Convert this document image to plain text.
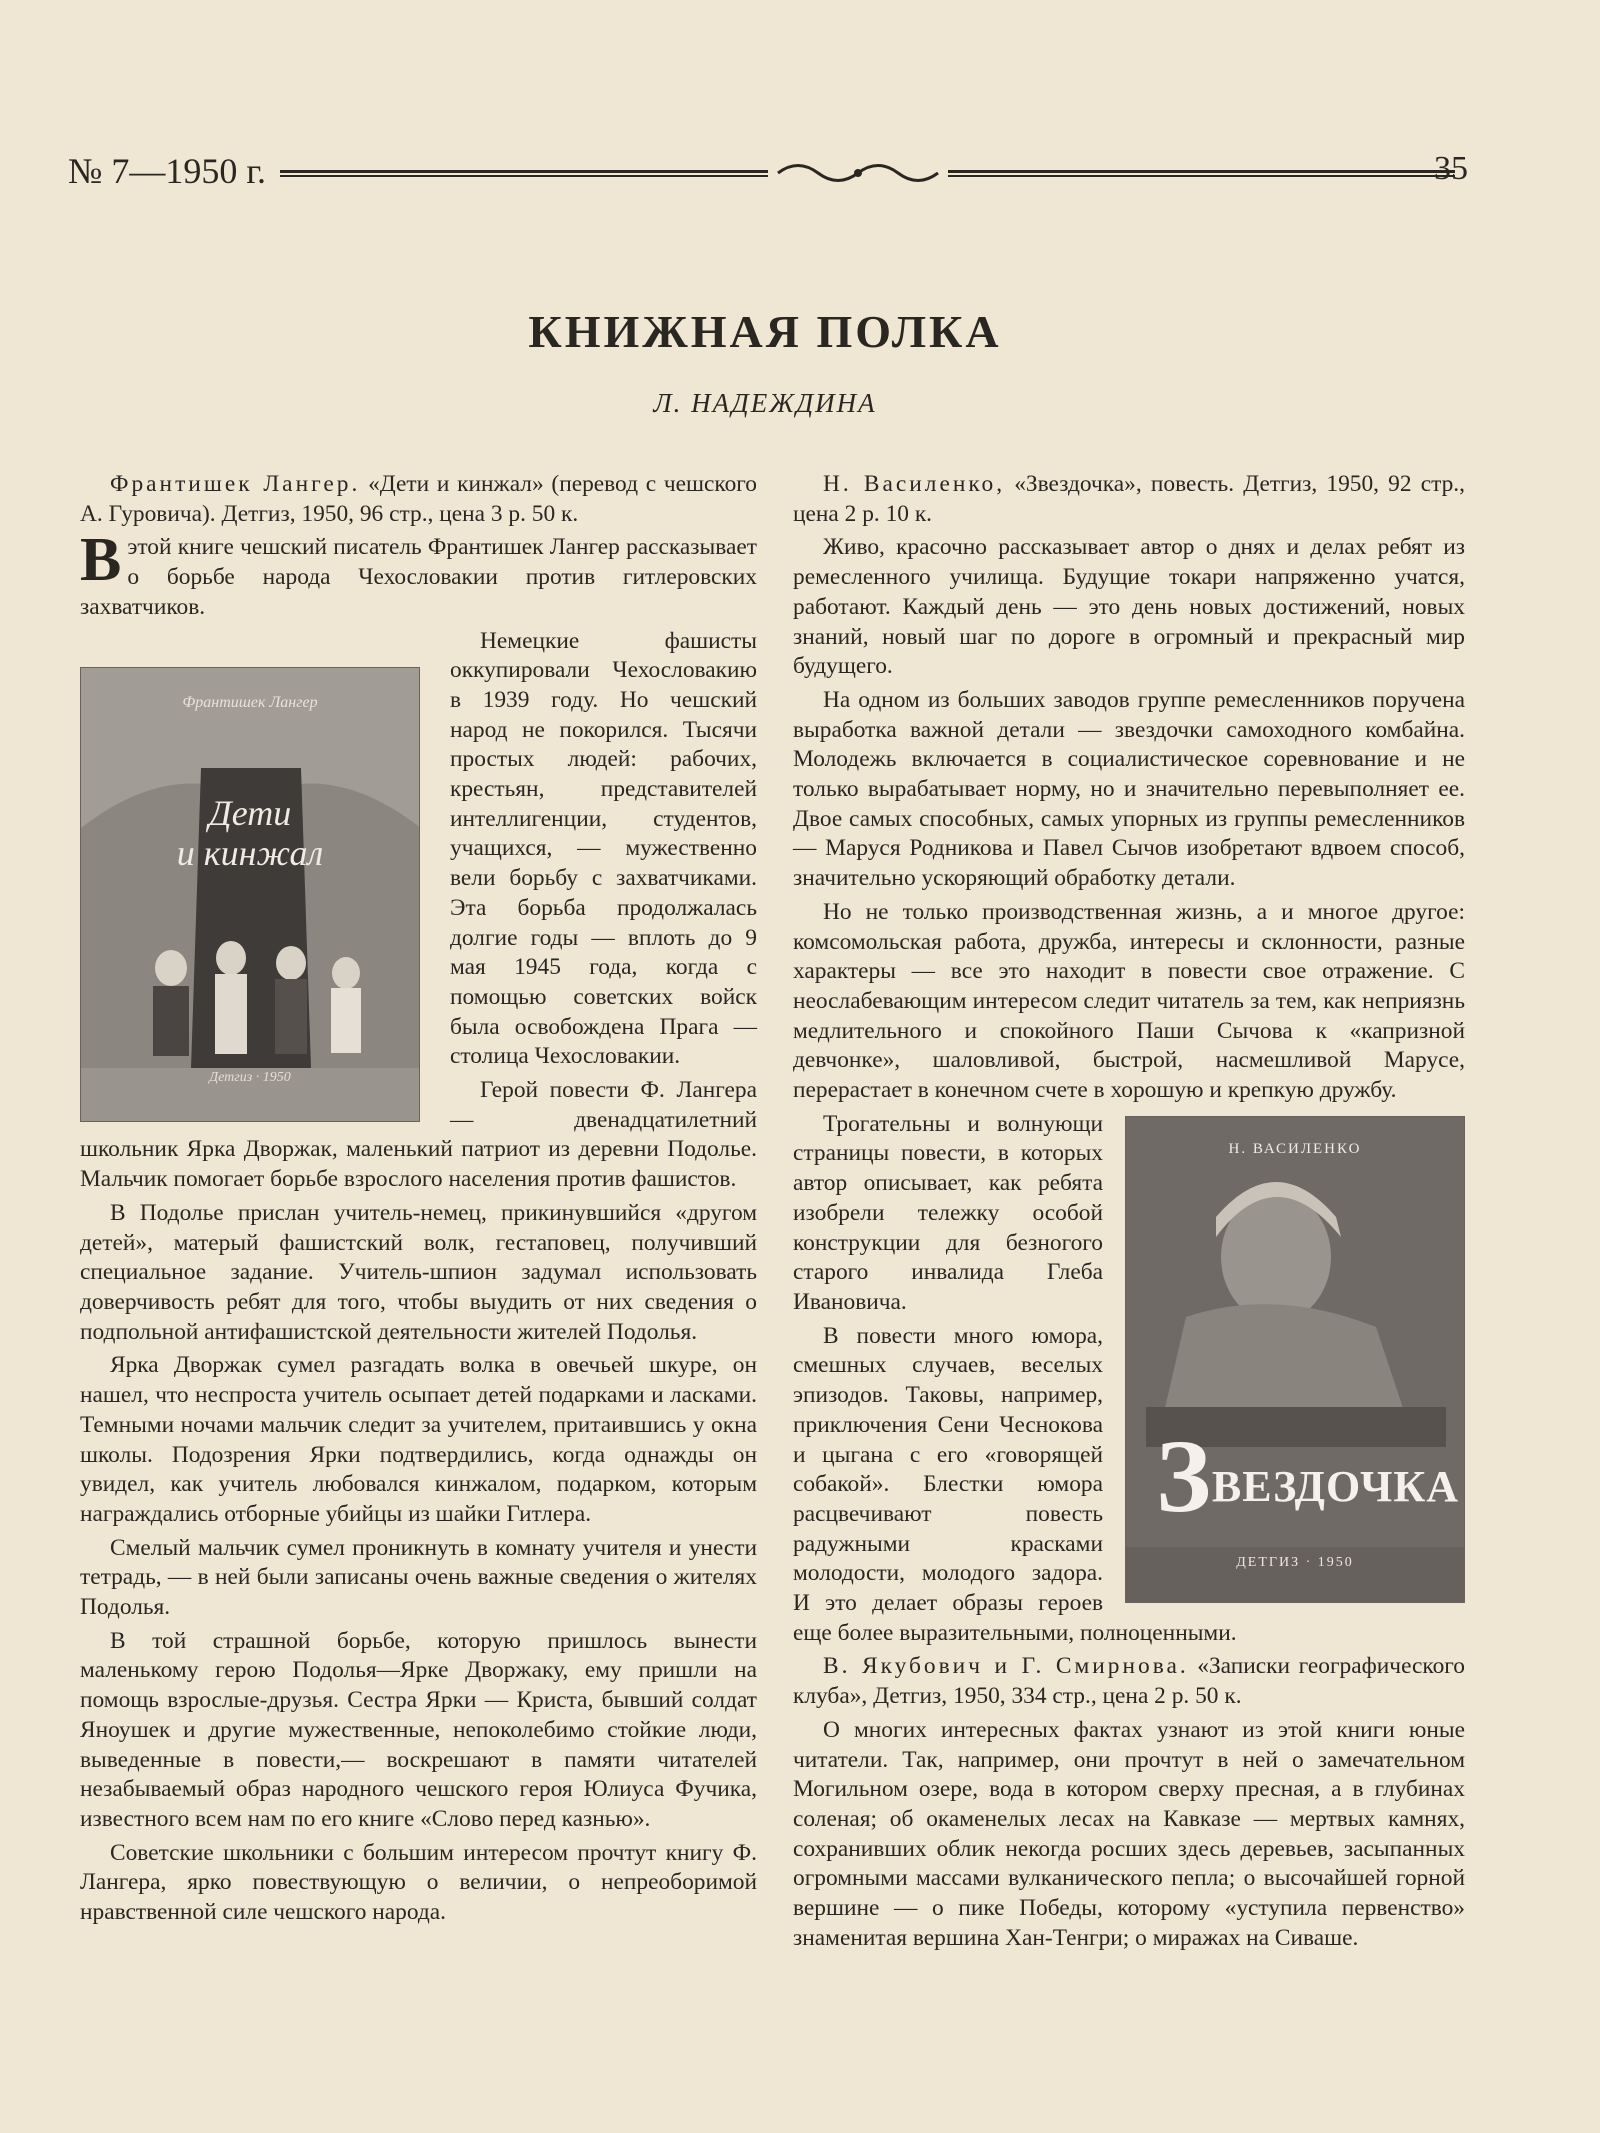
№ 7—1950 г.	35
КНИЖНАЯ ПОЛКА
Л. НАДЕЖДИНА

Франтишек Лангер. «Дети и кинжал» (перевод с чешского А. Гуровича). Детгиз, 1950, 96 стр., цена 3 р. 50 к.

Вэтой книге чешский писатель Франтишек Лангер рассказывает о борьбе народа Чехословакии против гитлеровских захватчиков.

Франтишек Лангер
Дети
и кинжал
Детгиз · 1950

Немецкие фашисты оккупировали Чехословакию в 1939 году. Но чешский народ не покорился. Тысячи простых людей: рабочих, крестьян, представителей интеллигенции, студентов, учащихся, — мужественно вели борьбу с захватчиками. Эта борьба продолжалась долгие годы — вплоть до 9 мая 1945 года, когда с помощью советских войск была освобождена Прага — столица Чехословакии.

Герой повести Ф. Лангера — двенадцатилетний школьник Ярка Дворжак, маленький патриот из деревни Подолье. Мальчик помогает борьбе взрослого населения против фашистов.

В Подолье прислан учитель-немец, прикинувшийся «другом детей», матерый фашистский волк, гестаповец, получивший специальное задание. Учитель-шпион задумал использовать доверчивость ребят для того, чтобы выудить от них сведения о подпольной антифашистской деятельности жителей Подолья.

Ярка Дворжак сумел разгадать волка в овечьей шкуре, он нашел, что неспроста учитель осыпает детей подарками и ласками. Темными ночами мальчик следит за учителем, притаившись у окна школы. Подозрения Ярки подтвердились, когда однажды он увидел, как учитель любовался кинжалом, подарком, которым награждались отборные убийцы из шайки Гитлера.

Смелый мальчик сумел проникнуть в комнату учителя и унести тетрадь, — в ней были записаны очень важные сведения о жителях Подолья.

В той страшной борьбе, которую пришлось вынести маленькому герою Подолья—Ярке Дворжаку, ему пришли на помощь взрослые-друзья. Сестра Ярки — Криста, бывший солдат Яноушек и другие мужественные, непоколебимо стойкие люди, выведенные в повести,— воскрешают в памяти читателей незабываемый образ народного чешского героя Юлиуса Фучика, известного всем нам по его книге «Слово перед казнью».

Советские школьники с большим интересом прочтут книгу Ф. Лангера, ярко повествующую о величии, о непреоборимой нравственной силе чешского народа.

Н. Василенко, «Звездочка», повесть. Детгиз, 1950, 92 стр., цена 2 р. 10 к.

Живо, красочно рассказывает автор о днях и делах ребят из ремесленного училища. Будущие токари напряженно учатся, работают. Каждый день — это день новых достижений, новых знаний, новый шаг по дороге в огромный и прекрасный мир будущего.

На одном из больших заводов группе ремесленников поручена выработка важной детали — звездочки самоходного комбайна. Молодежь включается в социалистическое соревнование и не только вырабатывает норму, но и значительно перевыполняет ее. Двое самых способных, самых упорных из группы ремесленников — Маруся Родникова и Павел Сычов изобретают вдвоем способ, значительно ускоряющий обработку детали.

Но не только производственная жизнь, а и многое другое: комсомольская работа, дружба, интересы и склонности, разные характеры — все это находит в повести свое отражение. С неослабевающим интересом следит читатель за тем, как неприязнь медлительного и спокойного Паши Сычова к «капризной девчонке», шаловливой, быстрой, насмешливой Марусе, перерастает в конечном счете в хорошую и крепкую дружбу.

Н. ВАСИЛЕНКО
ЗВЕЗДОЧКА
ДЕТГИЗ · 1950

Трогательны и волнующи страницы повести, в которых автор описывает, как ребята изобрели тележку особой конструкции для безногого старого инвалида Глеба Ивановича.

В повести много юмора, смешных случаев, веселых эпизодов. Таковы, например, приключения Сени Чеснокова и цыгана с его «говорящей собакой». Блестки юмора расцвечивают повесть радужными красками молодости, молодого задора. И это делает образы героев еще более выразительными, полноценными.

В. Якубович и Г. Смирнова. «Записки географического клуба», Детгиз, 1950, 334 стр., цена 2 р. 50 к.

О многих интересных фактах узнают из этой книги юные читатели. Так, например, они прочтут в ней о замечательном Могильном озере, вода в котором сверху пресная, а в глубинах соленая; об окаменелых лесах на Кавказе — мертвых камнях, сохранивших облик некогда росших здесь деревьев, засыпанных огромными массами вулканического пепла; о высочайшей горной вершине — о пике Победы, которому «уступила первенство» знаменитая вершина Хан-Тенгри; о миражах на Сиваше.
